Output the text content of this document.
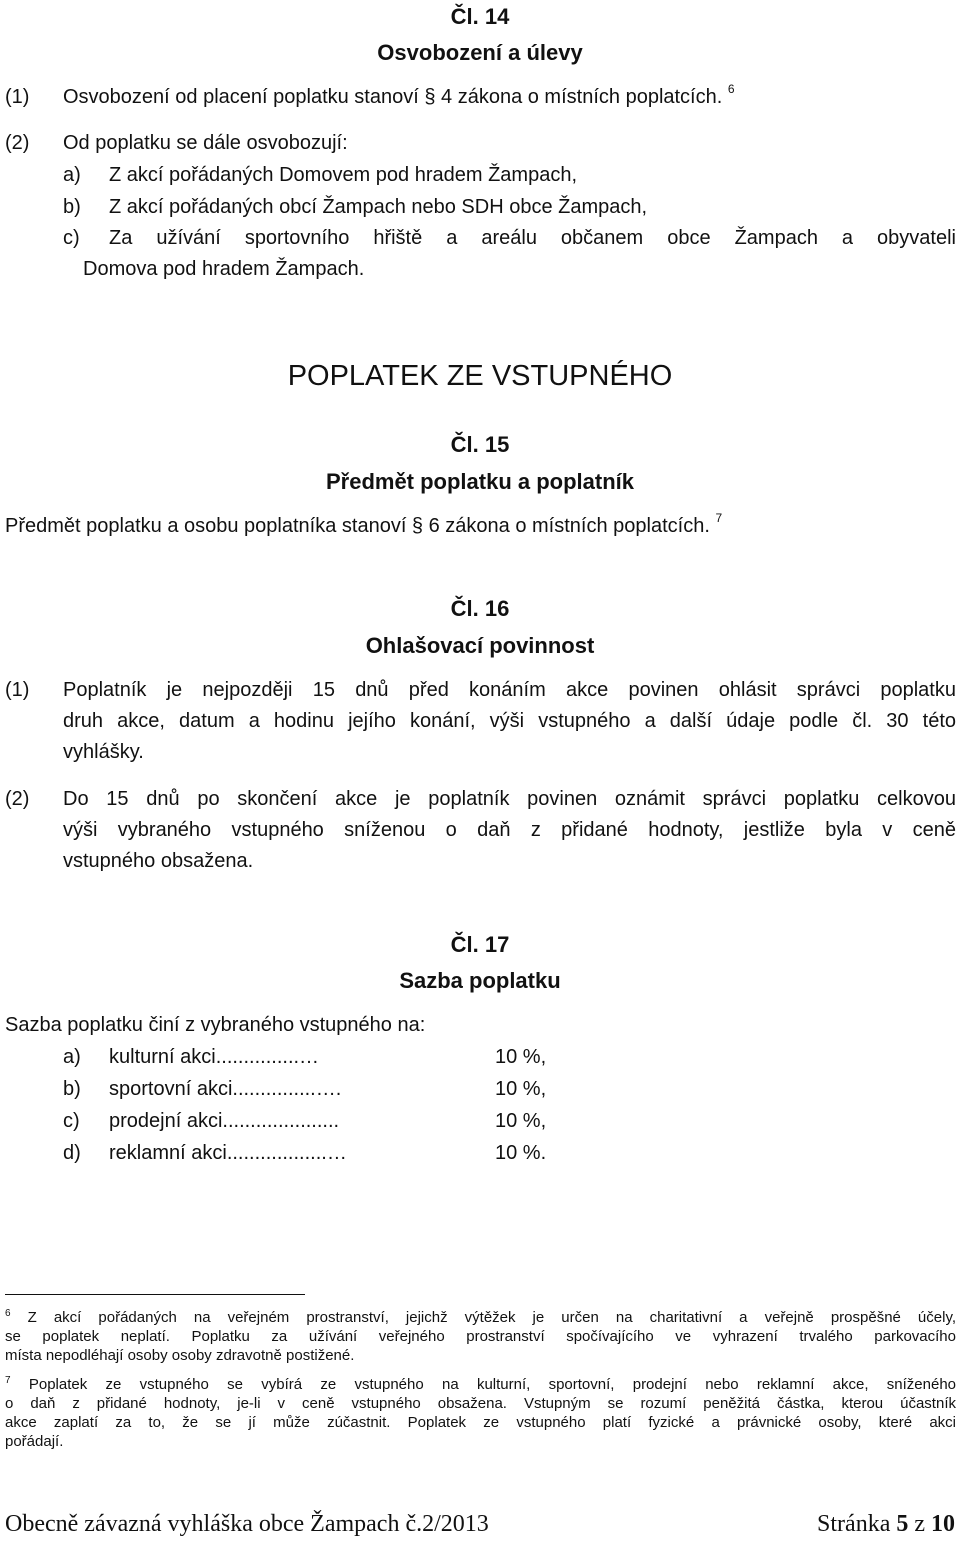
Čl. 14
Osvobození a úlevy
(1) Osvobození od placení poplatku stanoví § 4 zákona o místních poplatcích. $^6$
(2) Od poplatku se dále osvobozují:
a) Z akcí pořádaných Domovem pod hradem Žampach,
b) Z akcí pořádaných obcí Žampach nebo SDH obce Žampach,
c) Za užívání sportovního hřiště a areálu občanem obce Žampach a obyvateli
Domova pod hradem Žampach.
POPLATEK ZE VSTUPNÉHO
Čl. 15
Předmět poplatku a poplatník
Předmět poplatku a osobu poplatníka stanoví § 6 zákona o místních poplatcích. $^7$
Čl. 16
Ohlašovací povinnost
(1) Poplatník je nejpozději 15 dnů před konáním akce povinen ohlásit správci poplatku
druh akce, datum a hodinu jejího konání, výši vstupného a další údaje podle čl. 30 této
vyhlášky.
(2) Do 15 dnů po skončení akce je poplatník povinen oznámit správci poplatku celkovou
výši vybraného vstupného sníženou o daň z přidané hodnoty, jestliže byla v ceně
vstupného obsažena.
Čl. 17
Sazba poplatku
Sazba poplatku činí z vybraného vstupného na:
a) kulturní akci...............…	10 %,
b) sportovní akci...............….	10 %,
c) prodejní akci.....................	10 %,
d) reklamní akci..................…	10 %.
$^6$ Z akcí pořádaných na veřejném prostranství, jejichž výtěžek je určen na charitativní a veřejně prospěšné účely,
se poplatek neplatí. Poplatku za užívání veřejného prostranství spočívajícího ve vyhrazení trvalého parkovacího
místa nepodléhají osoby osoby zdravotně postižené.
$^7$ Poplatek ze vstupného se vybírá ze vstupného na kulturní, sportovní, prodejní nebo reklamní akce, sníženého
o daň z přidané hodnoty, je-li v ceně vstupného obsažena. Vstupným se rozumí peněžitá částka, kterou účastník
akce zaplatí za to, že se jí může zúčastnit. Poplatek ze vstupného platí fyzické a právnické osoby, které akci
pořádají.
Obecně závazná vyhláška obce Žampach č.2/2013	Stránka 5 z 10
